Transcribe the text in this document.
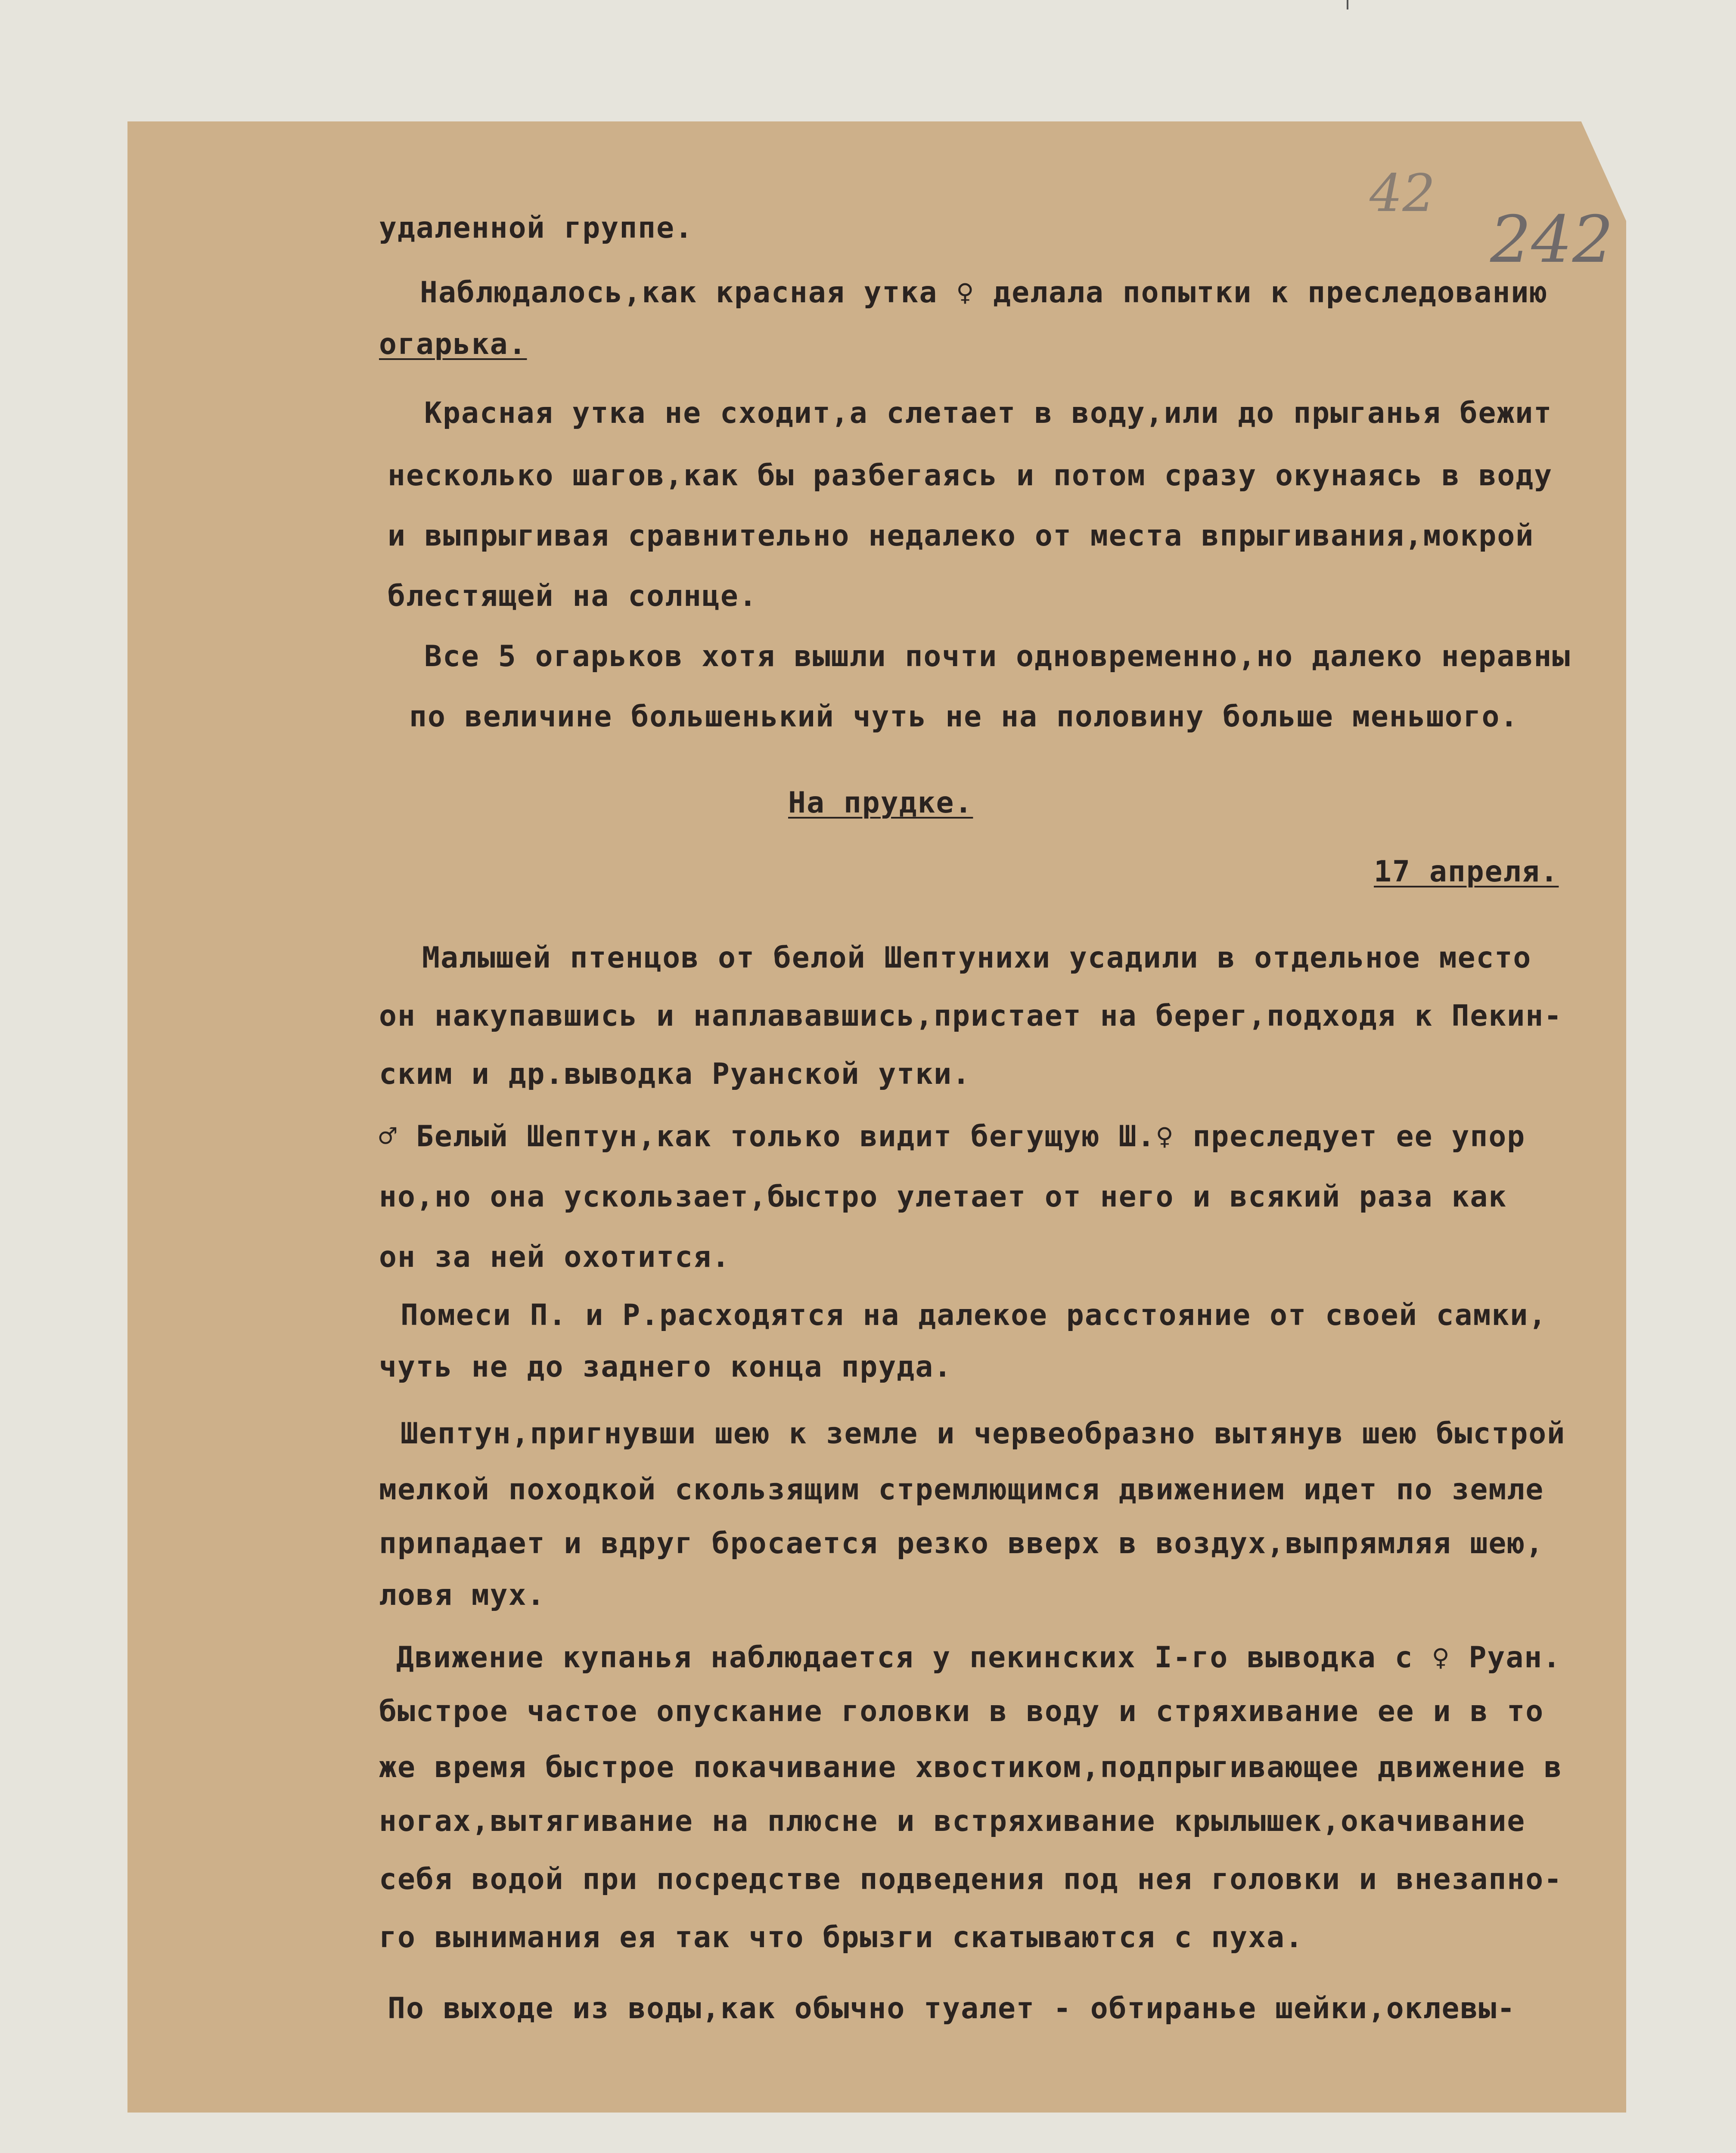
42
242

удаленной группе.

Наблюдалось,как красная утка ♀ делала попытки к преследованию

огарька.

Красная утка не сходит,а слетает в воду,или до прыганья бежит

несколько шагов,как бы разбегаясь и потом сразу окунаясь в воду

и выпрыгивая сравнительно недалеко от места впрыгивания,мокрой

блестящей на солнце.

Все 5 огарьков хотя вышли почти одновременно,но далеко неравны

по величине большенький чуть не на половину больше меньшого.

На прудке.

17 апреля.

Малышей птенцов от белой Шептунихи усадили в отдельное место

он накупавшись и наплававшись,пристает на берег,подходя к Пекин-

ским и др.выводка Руанской утки.

♂ Белый Шептун,как только видит бегущую Ш.♀ преследует ее упор

но,но она ускользает,быстро улетает от него и всякий раза как

он за ней охотится.

Помеси П. и Р.расходятся на далекое расстояние от своей самки,

чуть не до заднего конца пруда.

Шептун,пригнувши шею к земле и червеобразно вытянув шею быстрой

мелкой походкой скользящим стремлющимся движением идет по земле

припадает и вдруг бросается резко вверх в воздух,выпрямляя шею,

ловя мух.

Движение купанья наблюдается у пекинских I-го выводка с ♀ Руан.

быстрое частое опускание головки в воду и стряхивание ее и в то

же время быстрое покачивание хвостиком,подпрыгивающее движение в

ногах,вытягивание на плюсне и встряхивание крылышек,окачивание

себя водой при посредстве подведения под нея головки и внезапно-

го вынимания ея так что брызги скатываются с пуха.

По выходе из воды,как обычно туалет - обтиранье шейки,оклевы-
